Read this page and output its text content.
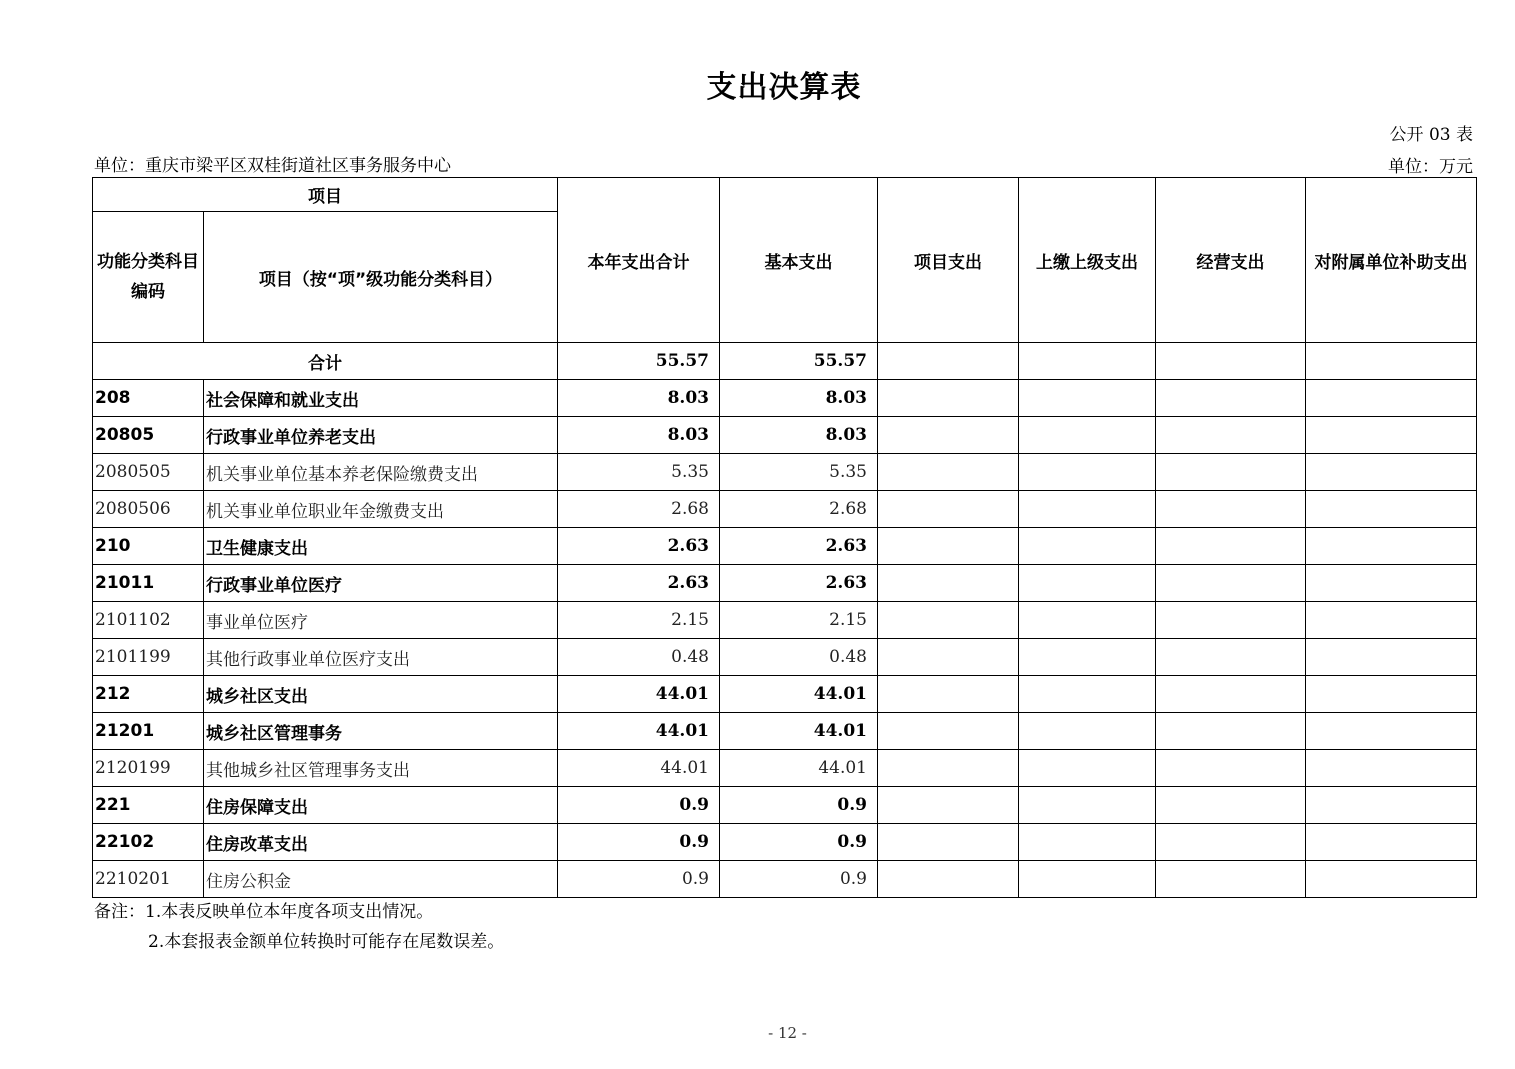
支出决算表
公开 03 表
单位：重庆市梁平区双桂街道社区事务服务中心	单位：万元
项目		本年支出合计	基本支出	项目支出	上缴上级支出	经营支出	对附属单位补助支出
功能分类科目编码	项目（按“项”级功能分类科目）						
合计		55.57	55.57				
208	社会保障和就业支出	8.03	8.03				
20805	行政事业单位养老支出	8.03	8.03				
2080505	机关事业单位基本养老保险缴费支出	5.35	5.35				
2080506	机关事业单位职业年金缴费支出	2.68	2.68				
210	卫生健康支出	2.63	2.63				
21011	行政事业单位医疗	2.63	2.63				
2101102	事业单位医疗	2.15	2.15				
2101199	其他行政事业单位医疗支出	0.48	0.48				
212	城乡社区支出	44.01	44.01				
21201	城乡社区管理事务	44.01	44.01				
2120199	其他城乡社区管理事务支出	44.01	44.01				
221	住房保障支出	0.9	0.9				
22102	住房改革支出	0.9	0.9				
2210201	住房公积金	0.9	0.9				
备注：1.本表反映单位本年度各项支出情况。
2.本套报表金额单位转换时可能存在尾数误差。
- 12 -
